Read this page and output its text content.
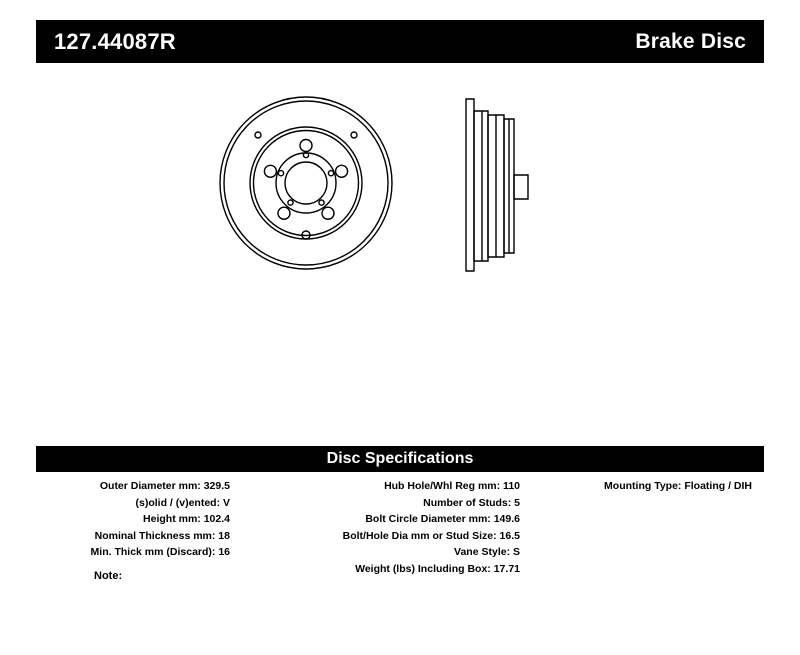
127.44087R	Brake Disc
Disc Specifications
Outer Diameter mm: 329.5
(s)olid / (v)ented: V
Height mm: 102.4
Nominal Thickness mm: 18
Min. Thick mm (Discard): 16
Hub Hole/Whl Reg mm: 110
Number of Studs: 5
Bolt Circle Diameter mm: 149.6
Bolt/Hole Dia mm or Stud Size: 16.5
Vane Style: S
Weight (lbs) Including Box: 17.71
Mounting Type: Floating / DIH
Note:
